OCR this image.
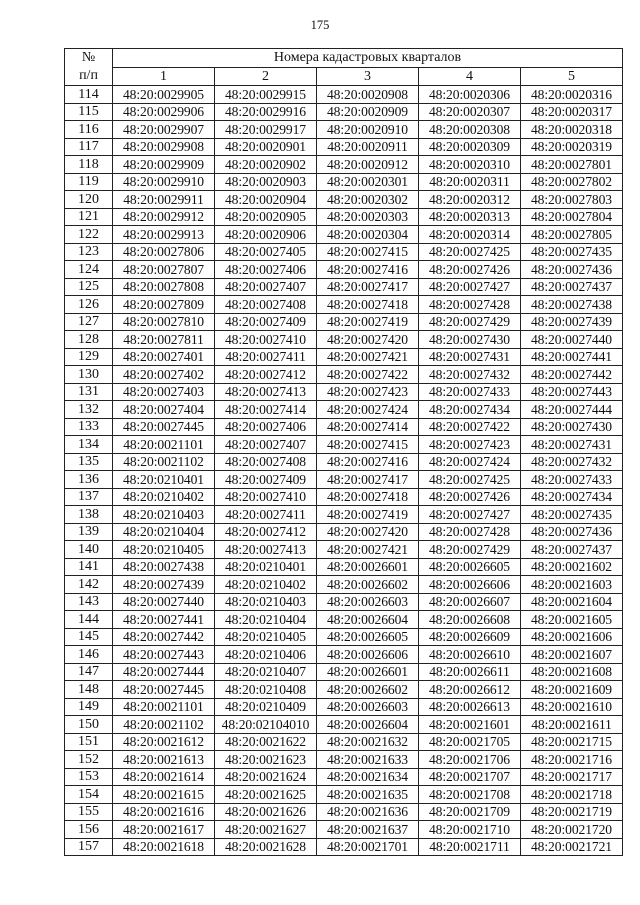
175
№
п/п	Номера кадастровых кварталов				
	1	2	3	4	5
114	48:20:0029905	48:20:0029915	48:20:0020908	48:20:0020306	48:20:0020316
115	48:20:0029906	48:20:0029916	48:20:0020909	48:20:0020307	48:20:0020317
116	48:20:0029907	48:20:0029917	48:20:0020910	48:20:0020308	48:20:0020318
117	48:20:0029908	48:20:0020901	48:20:0020911	48:20:0020309	48:20:0020319
118	48:20:0029909	48:20:0020902	48:20:0020912	48:20:0020310	48:20:0027801
119	48:20:0029910	48:20:0020903	48:20:0020301	48:20:0020311	48:20:0027802
120	48:20:0029911	48:20:0020904	48:20:0020302	48:20:0020312	48:20:0027803
121	48:20:0029912	48:20:0020905	48:20:0020303	48:20:0020313	48:20:0027804
122	48:20:0029913	48:20:0020906	48:20:0020304	48:20:0020314	48:20:0027805
123	48:20:0027806	48:20:0027405	48:20:0027415	48:20:0027425	48:20:0027435
124	48:20:0027807	48:20:0027406	48:20:0027416	48:20:0027426	48:20:0027436
125	48:20:0027808	48:20:0027407	48:20:0027417	48:20:0027427	48:20:0027437
126	48:20:0027809	48:20:0027408	48:20:0027418	48:20:0027428	48:20:0027438
127	48:20:0027810	48:20:0027409	48:20:0027419	48:20:0027429	48:20:0027439
128	48:20:0027811	48:20:0027410	48:20:0027420	48:20:0027430	48:20:0027440
129	48:20:0027401	48:20:0027411	48:20:0027421	48:20:0027431	48:20:0027441
130	48:20:0027402	48:20:0027412	48:20:0027422	48:20:0027432	48:20:0027442
131	48:20:0027403	48:20:0027413	48:20:0027423	48:20:0027433	48:20:0027443
132	48:20:0027404	48:20:0027414	48:20:0027424	48:20:0027434	48:20:0027444
133	48:20:0027445	48:20:0027406	48:20:0027414	48:20:0027422	48:20:0027430
134	48:20:0021101	48:20:0027407	48:20:0027415	48:20:0027423	48:20:0027431
135	48:20:0021102	48:20:0027408	48:20:0027416	48:20:0027424	48:20:0027432
136	48:20:0210401	48:20:0027409	48:20:0027417	48:20:0027425	48:20:0027433
137	48:20:0210402	48:20:0027410	48:20:0027418	48:20:0027426	48:20:0027434
138	48:20:0210403	48:20:0027411	48:20:0027419	48:20:0027427	48:20:0027435
139	48:20:0210404	48:20:0027412	48:20:0027420	48:20:0027428	48:20:0027436
140	48:20:0210405	48:20:0027413	48:20:0027421	48:20:0027429	48:20:0027437
141	48:20:0027438	48:20:0210401	48:20:0026601	48:20:0026605	48:20:0021602
142	48:20:0027439	48:20:0210402	48:20:0026602	48:20:0026606	48:20:0021603
143	48:20:0027440	48:20:0210403	48:20:0026603	48:20:0026607	48:20:0021604
144	48:20:0027441	48:20:0210404	48:20:0026604	48:20:0026608	48:20:0021605
145	48:20:0027442	48:20:0210405	48:20:0026605	48:20:0026609	48:20:0021606
146	48:20:0027443	48:20:0210406	48:20:0026606	48:20:0026610	48:20:0021607
147	48:20:0027444	48:20:0210407	48:20:0026601	48:20:0026611	48:20:0021608
148	48:20:0027445	48:20:0210408	48:20:0026602	48:20:0026612	48:20:0021609
149	48:20:0021101	48:20:0210409	48:20:0026603	48:20:0026613	48:20:0021610
150	48:20:0021102	48:20:02104010	48:20:0026604	48:20:0021601	48:20:0021611
151	48:20:0021612	48:20:0021622	48:20:0021632	48:20:0021705	48:20:0021715
152	48:20:0021613	48:20:0021623	48:20:0021633	48:20:0021706	48:20:0021716
153	48:20:0021614	48:20:0021624	48:20:0021634	48:20:0021707	48:20:0021717
154	48:20:0021615	48:20:0021625	48:20:0021635	48:20:0021708	48:20:0021718
155	48:20:0021616	48:20:0021626	48:20:0021636	48:20:0021709	48:20:0021719
156	48:20:0021617	48:20:0021627	48:20:0021637	48:20:0021710	48:20:0021720
157	48:20:0021618	48:20:0021628	48:20:0021701	48:20:0021711	48:20:0021721
